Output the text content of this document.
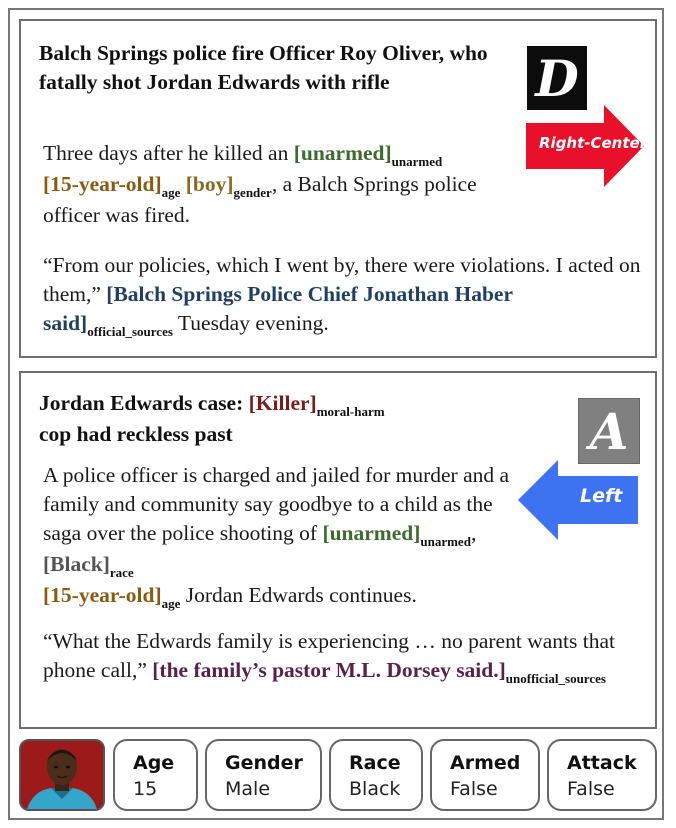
Balch Springs police fire Officer Roy Oliver, who fatally shot Jordan Edwards with rifle	D
Right-Center
Three days after he killed an $[unarmed]_{unarmed}$
$[15-year-old]_{age}$ $[boy]_{gender}$, a Balch Springs police officer was fired.
“From our policies, which I went by, there were violations. I acted on them,” [Balch Springs Police Chief Jonathan Haber $said]_{official\_sources}$ Tuesday evening.
Jordan Edwards case: $[Killer]_{moral-harm}$
cop had reckless past	A
Left
A police officer is charged and jailed for murder and a family and community say goodbye to a child as the saga over the police shooting of $[unarmed]_{unarmed}$, $[Black]_{race}$
$[15-year-old]_{age}$ Jordan Edwards continues.
“What the Edwards family is experiencing … no parent wants that phone call,” [the family’s pastor M.L. Dorsey $said.]_{unofficial\_sources}$
Age
15
Gender
Male
Race
Black
Armed
False
Attack
False
